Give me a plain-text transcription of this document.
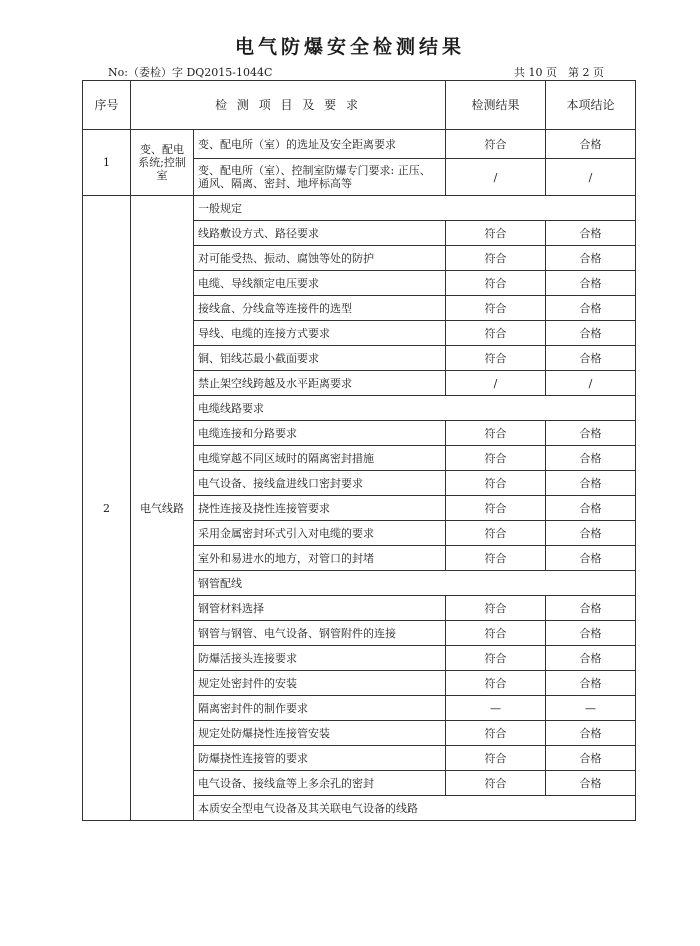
电气防爆安全检测结果
No:（委检）字 DQ2015-1044C	共 10 页　第 2 页
序号	检 测 项 目 及 要 求		检测结果	本项结论
1	变、配电系统;控制室	变、配电所（室）的选址及安全距离要求	符合	合格
		变、配电所（室）、控制室防爆专门要求: 正压、通风、隔离、密封、地坪标高等	/	/
2	电气线路	一般规定		
		线路敷设方式、路径要求	符合	合格
		对可能受热、振动、腐蚀等处的防护	符合	合格
		电缆、导线额定电压要求	符合	合格
		接线盒、分线盒等连接件的选型	符合	合格
		导线、电缆的连接方式要求	符合	合格
		铜、铝线芯最小截面要求	符合	合格
		禁止架空线跨越及水平距离要求	/	/
		电缆线路要求		
		电缆连接和分路要求	符合	合格
		电缆穿越不同区域时的隔离密封措施	符合	合格
		电气设备、接线盒进线口密封要求	符合	合格
		挠性连接及挠性连接管要求	符合	合格
		采用金属密封环式引入对电缆的要求	符合	合格
		室外和易进水的地方，对管口的封堵	符合	合格
		钢管配线		
		钢管材料选择	符合	合格
		钢管与钢管、电气设备、钢管附件的连接	符合	合格
		防爆活接头连接要求	符合	合格
		规定处密封件的安装	符合	合格
		隔离密封件的制作要求	—	—
		规定处防爆挠性连接管安装	符合	合格
		防爆挠性连接管的要求	符合	合格
		电气设备、接线盒等上多余孔的密封	符合	合格
		本质安全型电气设备及其关联电气设备的线路		
